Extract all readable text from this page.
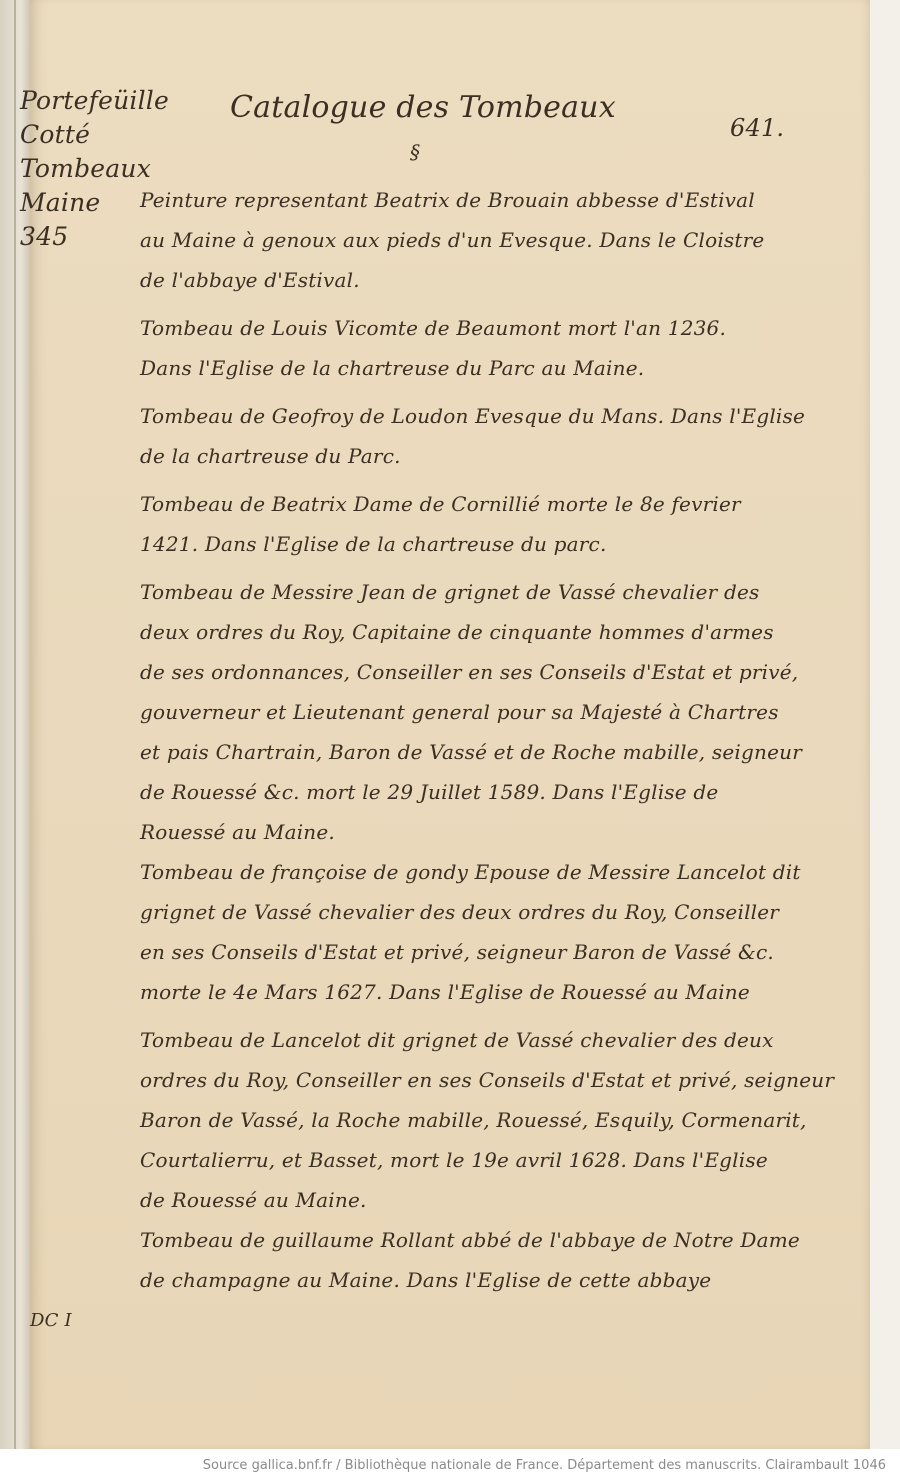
Portefeüille
Cotté
Tombeaux
Maine
345
Catalogue des Tombeaux
§
641.
Peinture representant Beatrix de Brouain abbesse d'Estival
au Maine à genoux aux pieds d'un Evesque. Dans le Cloistre
de l'abbaye d'Estival.
Tombeau de Louis Vicomte de Beaumont mort l'an 1236.
Dans l'Eglise de la chartreuse du Parc au Maine.
Tombeau de Geofroy de Loudon Evesque du Mans. Dans l'Eglise
de la chartreuse du Parc.
Tombeau de Beatrix Dame de Cornillié morte le 8e fevrier
1421. Dans l'Eglise de la chartreuse du parc.
Tombeau de Messire Jean de grignet de Vassé chevalier des
deux ordres du Roy, Capitaine de cinquante hommes d'armes
de ses ordonnances, Conseiller en ses Conseils d'Estat et privé,
gouverneur et Lieutenant general pour sa Majesté à Chartres
et pais Chartrain, Baron de Vassé et de Roche mabille, seigneur
de Rouessé &c. mort le 29 Juillet 1589. Dans l'Eglise de
Rouessé au Maine.
Tombeau de françoise de gondy Epouse de Messire Lancelot dit
grignet de Vassé chevalier des deux ordres du Roy, Conseiller
en ses Conseils d'Estat et privé, seigneur Baron de Vassé &c.
morte le 4e Mars 1627. Dans l'Eglise de Rouessé au Maine
Tombeau de Lancelot dit grignet de Vassé chevalier des deux
ordres du Roy, Conseiller en ses Conseils d'Estat et privé, seigneur
Baron de Vassé, la Roche mabille, Rouessé, Esquily, Cormenarit,
Courtalierru, et Basset, mort le 19e avril 1628. Dans l'Eglise
de Rouessé au Maine.
Tombeau de guillaume Rollant abbé de l'abbaye de Notre Dame
de champagne au Maine. Dans l'Eglise de cette abbaye
DC I
Source gallica.bnf.fr / Bibliothèque nationale de France. Département des manuscrits. Clairambault 1046
